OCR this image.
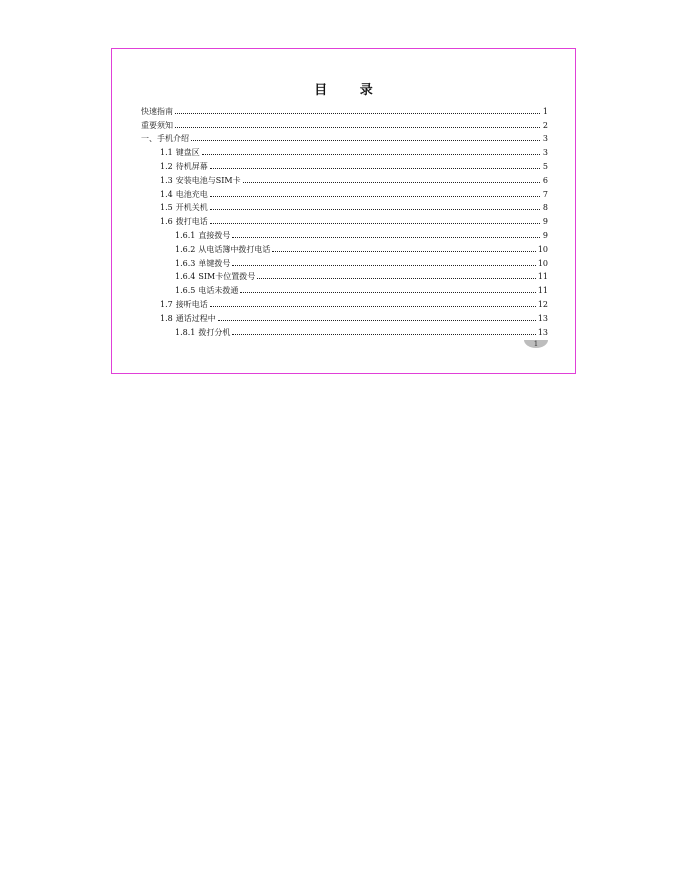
目 录
快速指南	1
重要须知	2
一、手机介绍	3
1.1 键盘区	3
1.2 待机屏幕	5
1.3 安装电池与SIM卡	6
1.4 电池充电	7
1.5 开机关机	8
1.6 拨打电话	9
1.6.1 直接拨号	9
1.6.2 从电话簿中拨打电话	10
1.6.3 单键拨号	10
1.6.4 SIM卡位置拨号	11
1.6.5 电话未拨通	11
1.7 接听电话	12
1.8 通话过程中	13
1.8.1 拨打分机	13
1
